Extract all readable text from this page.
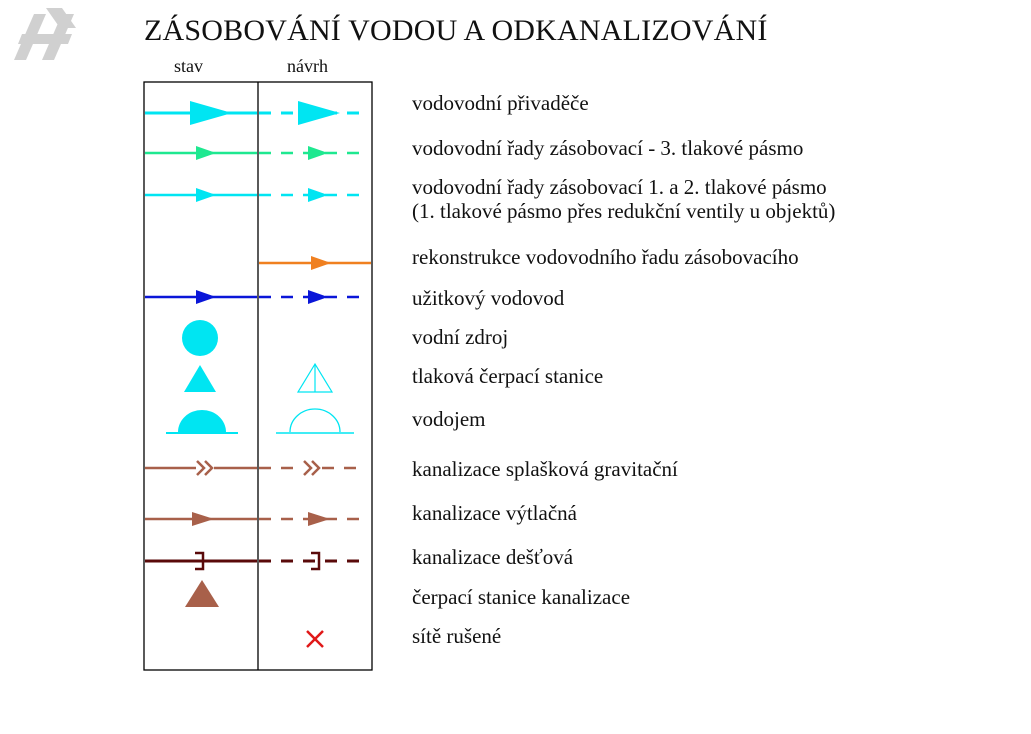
ZÁSOBOVÁNÍ VODOU A ODKANALIZOVÁNÍ
stav	návrh
vodovodní přivaděče
vodovodní řady zásobovací - 3. tlakové pásmo
vodovodní řady zásobovací 1. a 2. tlakové pásmo
(1. tlakové pásmo přes redukční ventily u objektů)
rekonstrukce vodovodního řadu zásobovacího
užitkový vodovod
vodní zdroj
tlaková čerpací stanice
vodojem
kanalizace splašková gravitační
kanalizace výtlačná
kanalizace dešťová
čerpací stanice kanalizace
sítě rušené
